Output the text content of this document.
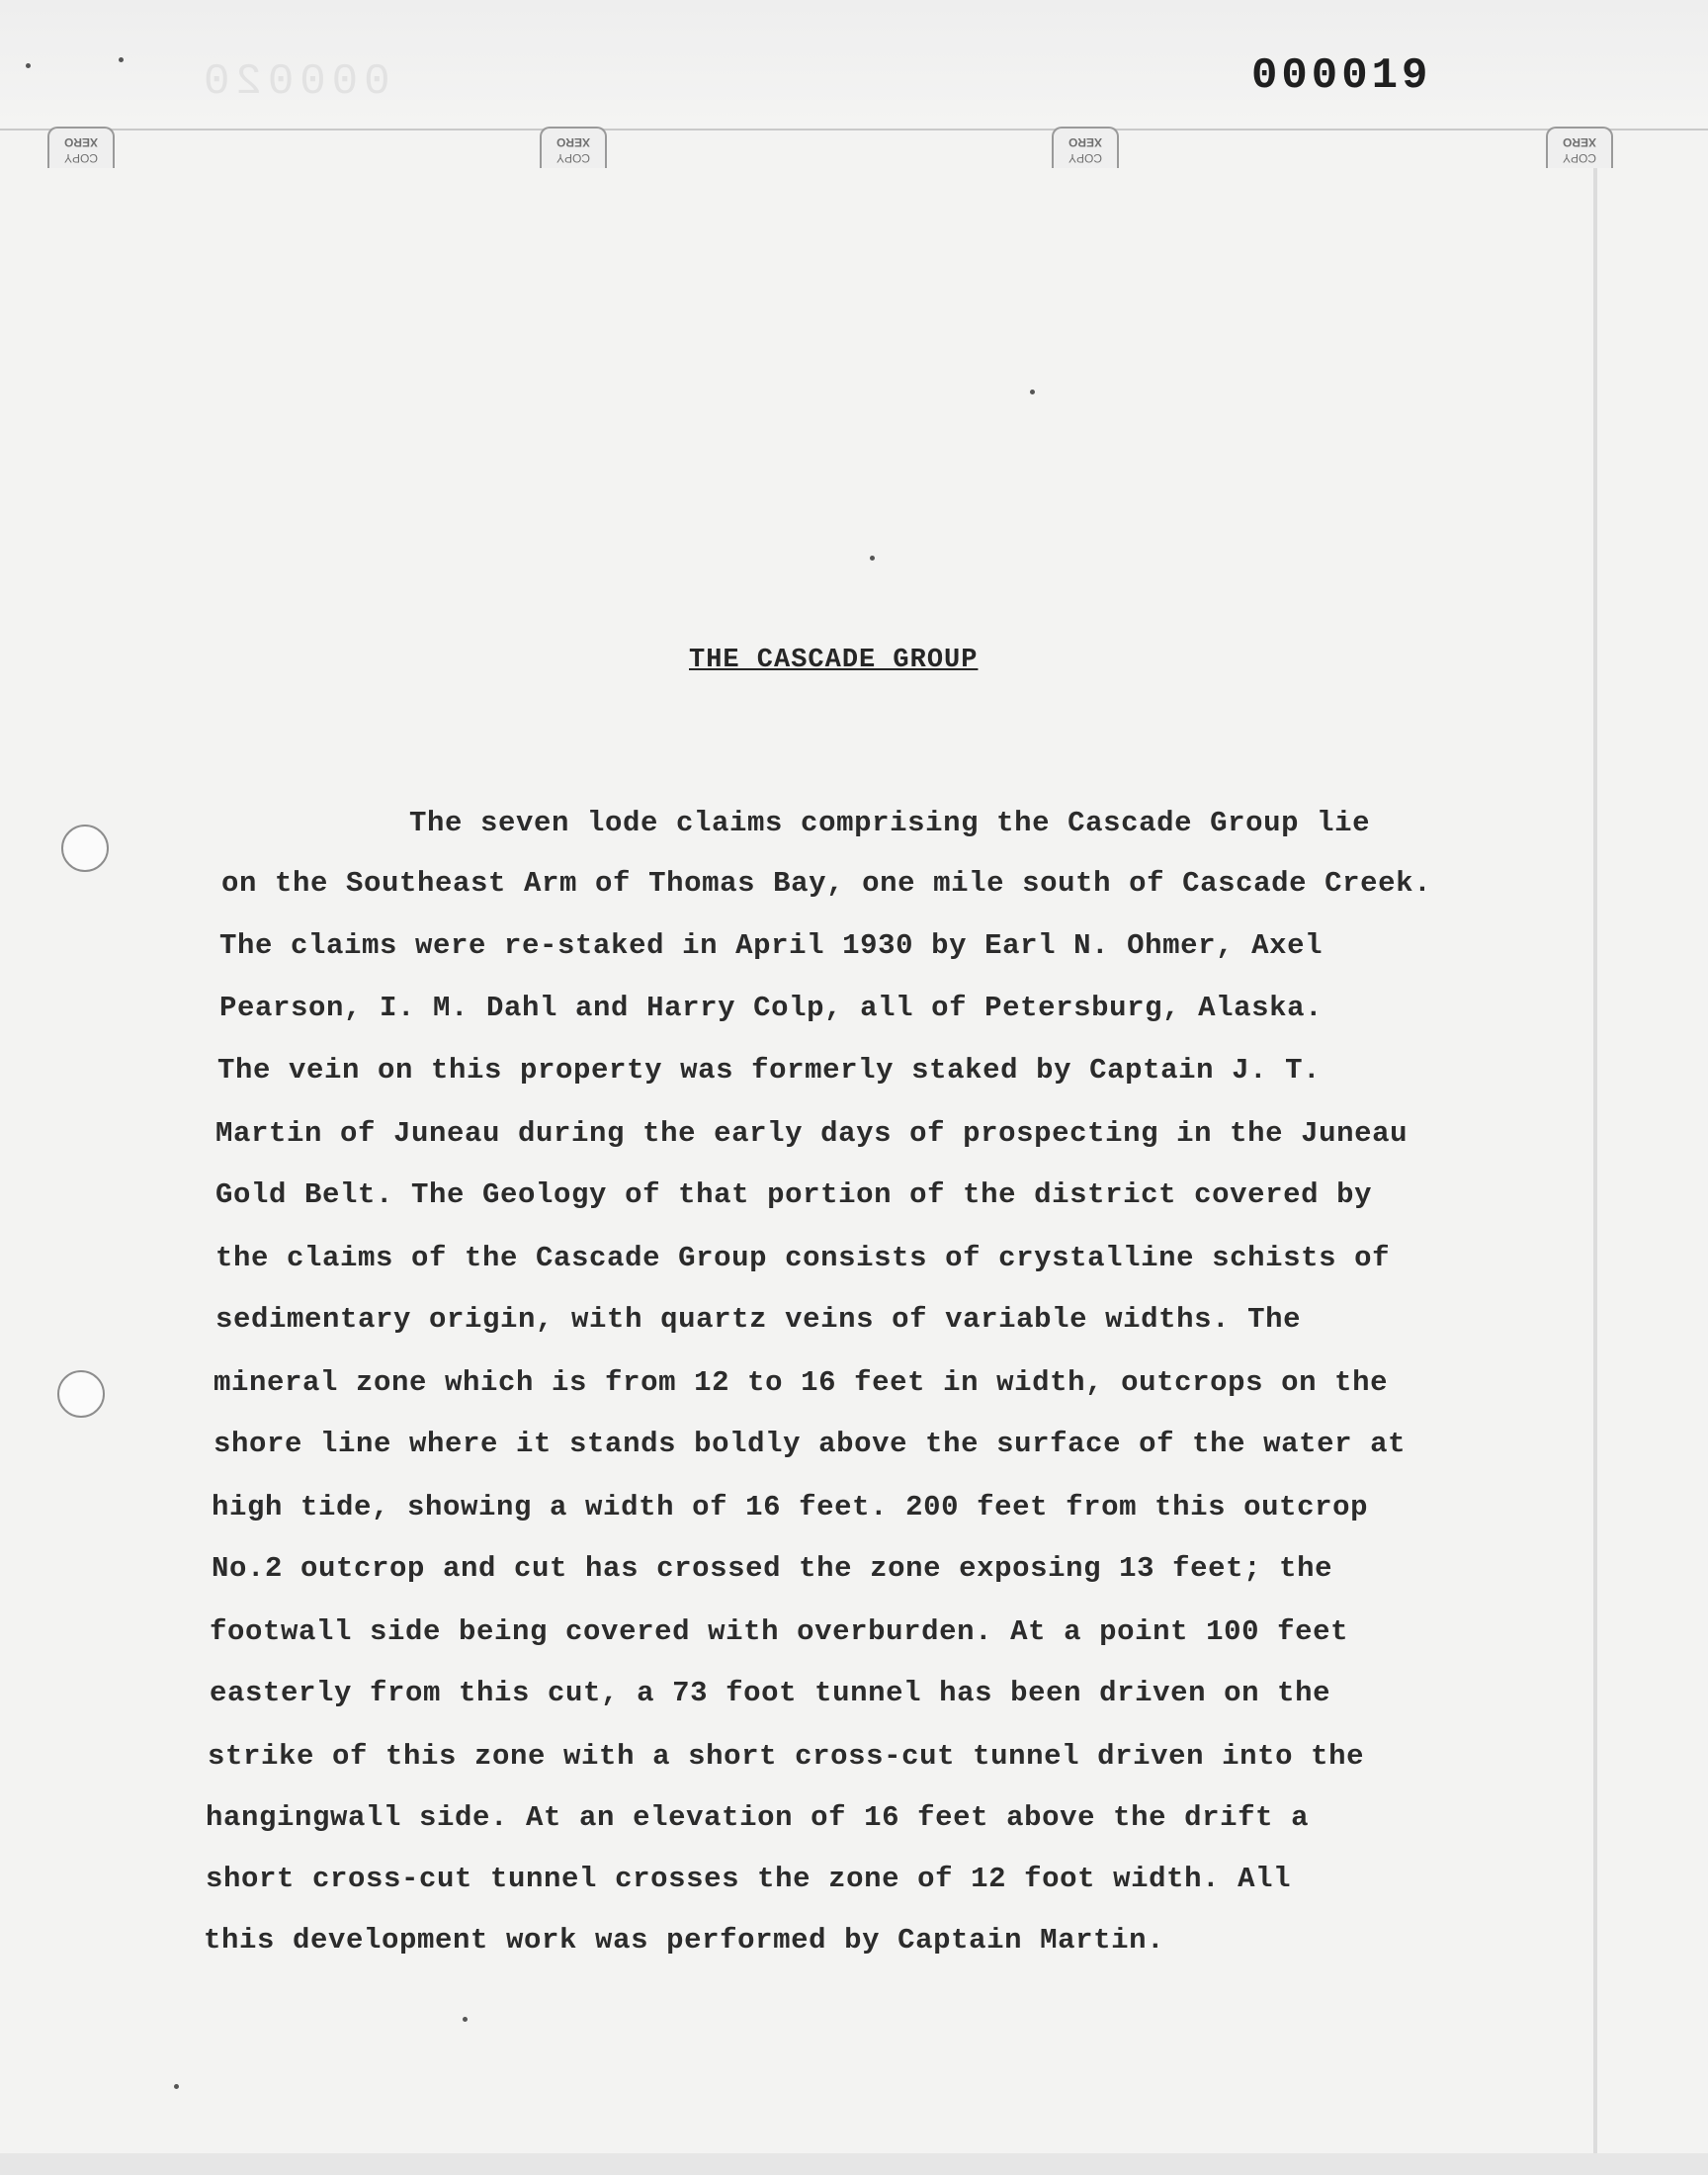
000020	000019
COPY
XERO
COPY
XERO
COPY
XERO
COPY
XERO
THE CASCADE GROUP
The seven lode claims comprising the Cascade Group lie
on the Southeast Arm of Thomas Bay, one mile south of Cascade Creek.
The claims were re-staked in April 1930 by Earl N. Ohmer, Axel
Pearson, I. M. Dahl and Harry Colp, all of Petersburg, Alaska.
The vein on this property was formerly staked by Captain J. T.
Martin of Juneau during the early days of prospecting in the Juneau
Gold Belt. The Geology of that portion of the district covered by
the claims of the Cascade Group consists of crystalline schists of
sedimentary origin, with quartz veins of variable widths. The
mineral zone which is from 12 to 16 feet in width, outcrops on the
shore line where it stands boldly above the surface of the water at
high tide, showing a width of 16 feet. 200 feet from this outcrop
No.2 outcrop and cut has crossed the zone exposing 13 feet; the
footwall side being covered with overburden. At a point 100 feet
easterly from this cut, a 73 foot tunnel has been driven on the
strike of this zone with a short cross-cut tunnel driven into the
hangingwall side. At an elevation of 16 feet above the drift a
short cross-cut tunnel crosses the zone of 12 foot width. All
this development work was performed by Captain Martin.
